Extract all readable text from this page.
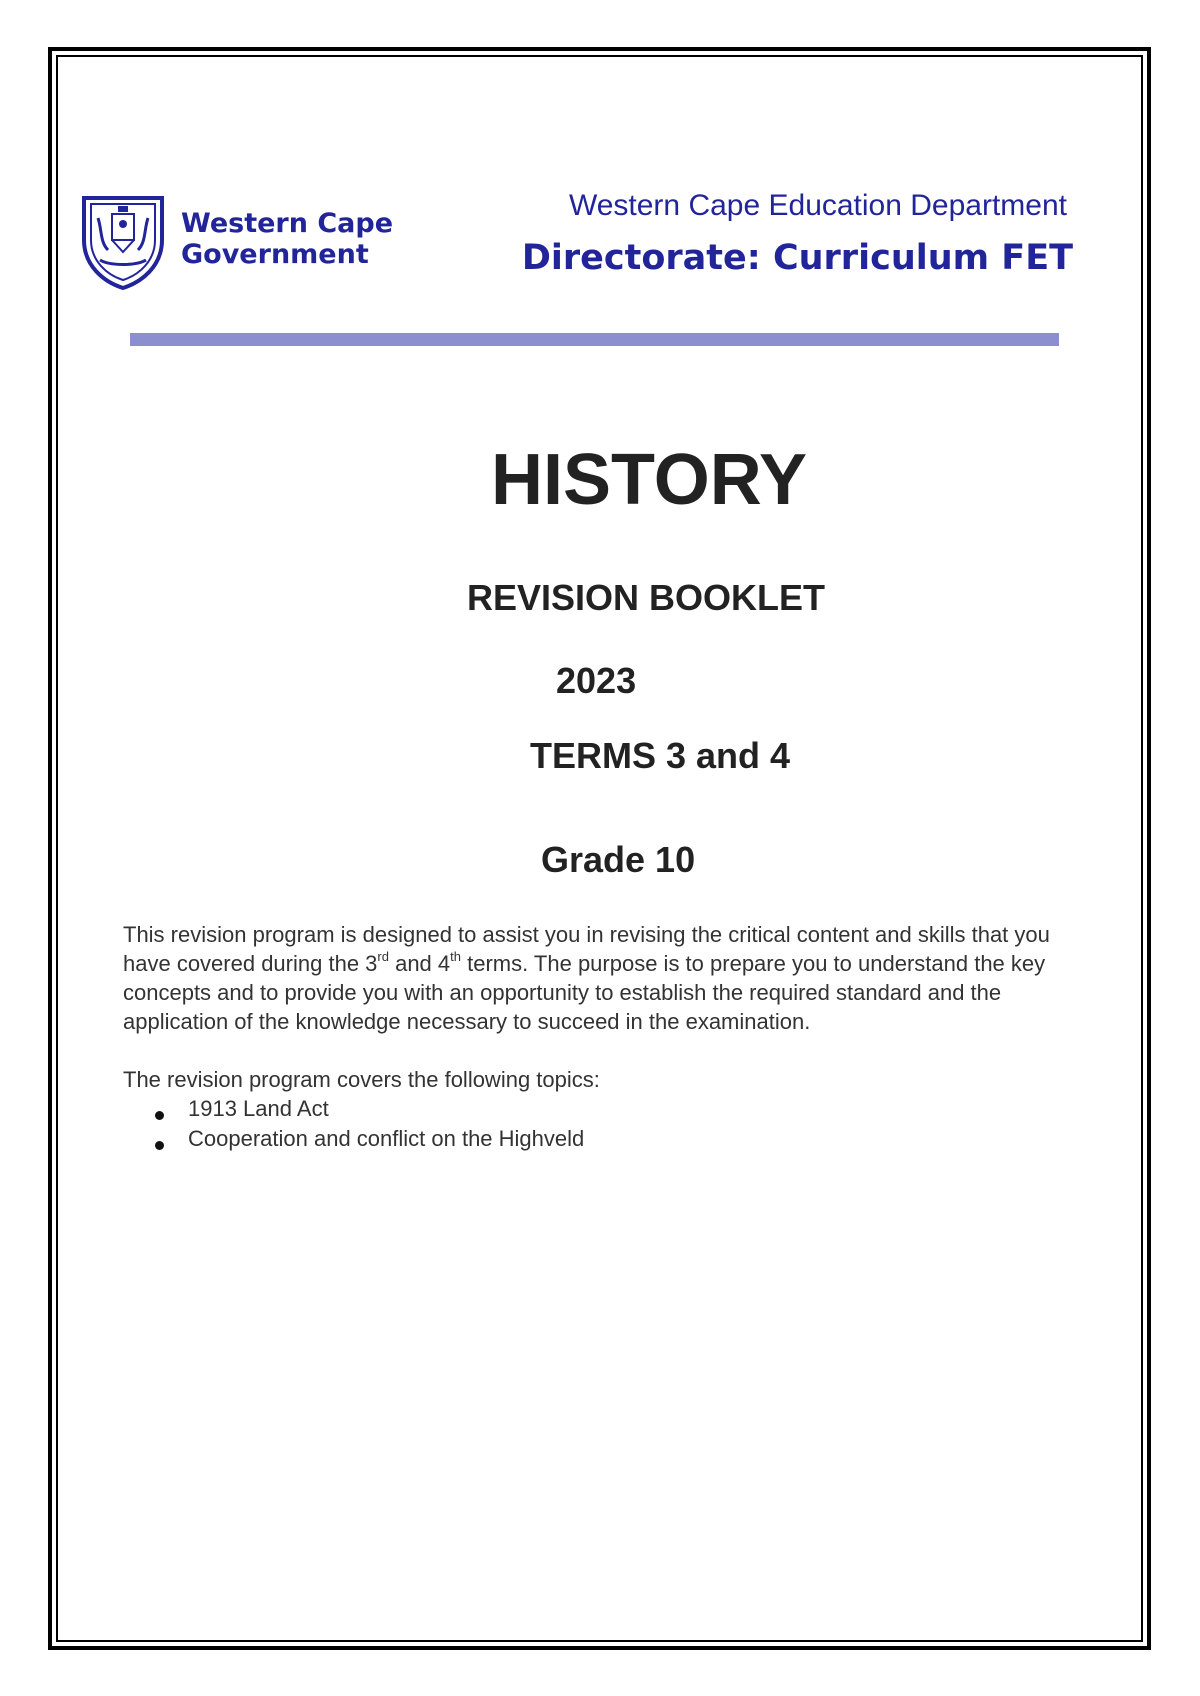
Western Cape
Government
Western Cape Education Department
Directorate: Curriculum FET
HISTORY
REVISION BOOKLET
2023
TERMS 3 and 4
Grade 10

This revision program is designed to assist you in revising the critical content and skills that you have covered during the 3rd and 4th terms. The purpose is to prepare you to understand the key concepts and to provide you with an opportunity to establish the required standard and the application of the knowledge necessary to succeed in the examination.

The revision program covers the following topics:

1913 Land Act
Cooperation and conflict on the Highveld
